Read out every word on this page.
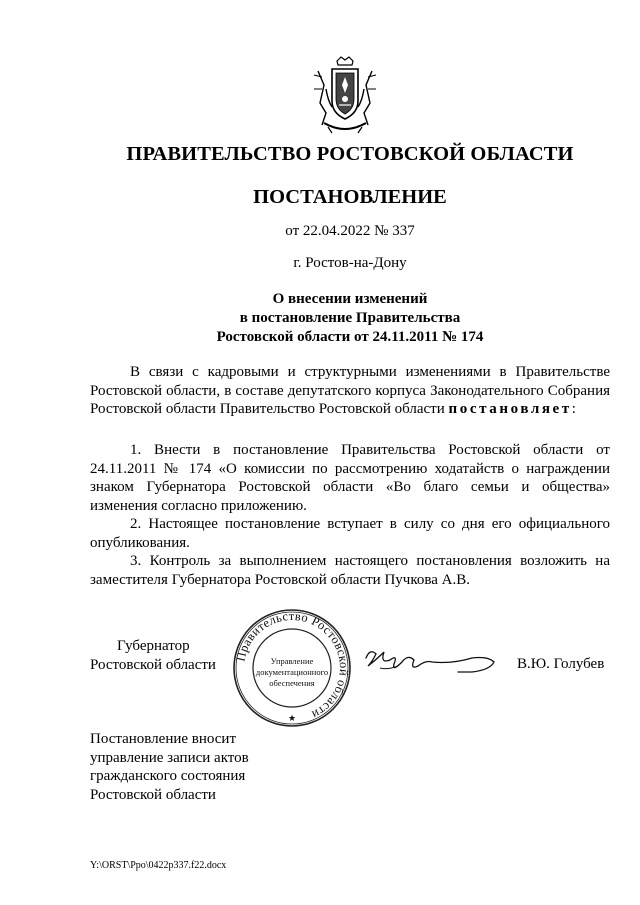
ПРАВИТЕЛЬСТВО РОСТОВСКОЙ ОБЛАСТИ
ПОСТАНОВЛЕНИЕ
от 22.04.2022 № 337
г. Ростов-на-Дону
О внесении изменений
в постановление Правительства
Ростовской области от 24.11.2011 № 174

В связи с кадровыми и структурными изменениями в Правительстве Ростовской области, в составе депутатского корпуса Законодательного Собрания Ростовской области Правительство Ростовской области постановляет:

1. Внести в постановление Правительства Ростовской области от 24.11.2011 № 174 «О комиссии по рассмотрению ходатайств о награждении знаком Губернатора Ростовской области «Во благо семьи и общества» изменения согласно приложению.

2. Настоящее постановление вступает в силу со дня его официального опубликования.

3. Контроль за выполнением настоящего постановления возложить на заместителя Губернатора Ростовской области Пучкова А.В.

Губернатор
Ростовской области
Правительство Ростовской области
Управление
документационного
обеспечения
★
В.Ю. Голубев
Постановление вносит
управление записи актов
гражданского состояния
Ростовской области
Y:\ORST\Ppo\0422p337.f22.docx
